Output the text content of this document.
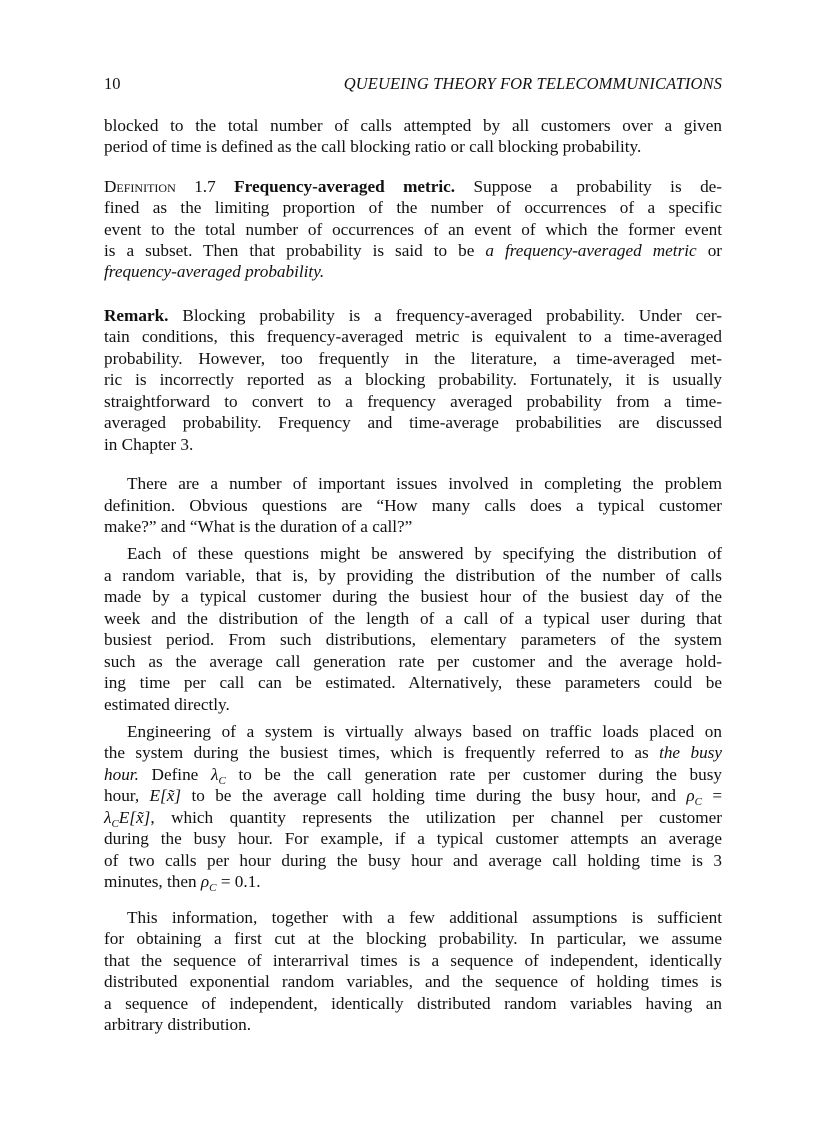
10	QUEUEING THEORY FOR TELECOMMUNICATIONS
blocked to the total number of calls attempted by all customers over a given
period of time is defined as the call blocking ratio or call blocking probability.
Definition 1.7 Frequency-averaged metric. Suppose a probability is de-
fined as the limiting proportion of the number of occurrences of a specific
event to the total number of occurrences of an event of which the former event
is a subset. Then that probability is said to be a frequency-averaged metric or
frequency-averaged probability.
Remark. Blocking probability is a frequency-averaged probability. Under cer-
tain conditions, this frequency-averaged metric is equivalent to a time-averaged
probability. However, too frequently in the literature, a time-averaged met-
ric is incorrectly reported as a blocking probability. Fortunately, it is usually
straightforward to convert to a frequency averaged probability from a time-
averaged probability. Frequency and time-average probabilities are discussed
in Chapter 3.
There are a number of important issues involved in completing the problem
definition. Obvious questions are “How many calls does a typical customer
make?” and “What is the duration of a call?”
Each of these questions might be answered by specifying the distribution of
a random variable, that is, by providing the distribution of the number of calls
made by a typical customer during the busiest hour of the busiest day of the
week and the distribution of the length of a call of a typical user during that
busiest period. From such distributions, elementary parameters of the system
such as the average call generation rate per customer and the average hold-
ing time per call can be estimated. Alternatively, these parameters could be
estimated directly.
Engineering of a system is virtually always based on traffic loads placed on
the system during the busiest times, which is frequently referred to as the busy
hour. Define $\lambda_C$ to be the call generation rate per customer during the busy
hour, E[x̃] to be the average call holding time during the busy hour, and $\rho_C$ =
$\lambda_CE[x̃]$, which quantity represents the utilization per channel per customer
during the busy hour. For example, if a typical customer attempts an average
of two calls per hour during the busy hour and average call holding time is 3
minutes, then $\rho_C = 0.1$.
This information, together with a few additional assumptions is sufficient
for obtaining a first cut at the blocking probability. In particular, we assume
that the sequence of interarrival times is a sequence of independent, identically
distributed exponential random variables, and the sequence of holding times is
a sequence of independent, identically distributed random variables having an
arbitrary distribution.
